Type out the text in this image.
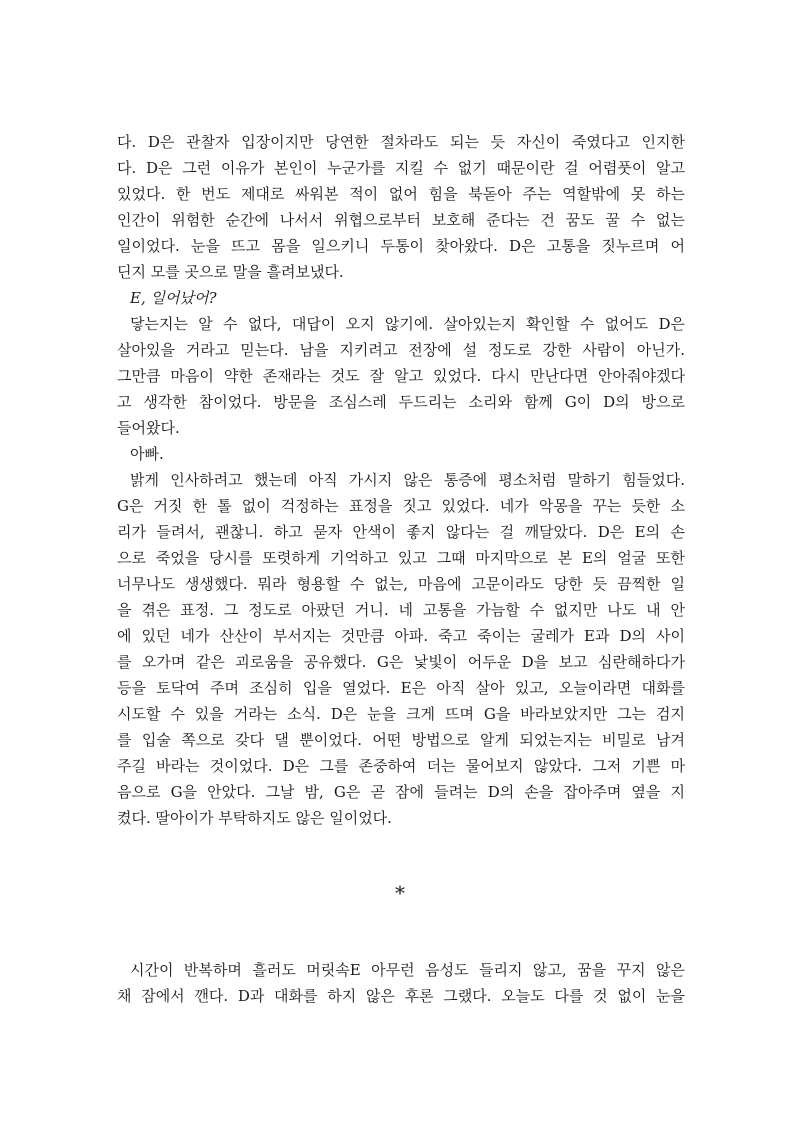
다. D은 관찰자 입장이지만 당연한 절차라도 되는 듯 자신이 죽였다고 인지한
다. D은 그런 이유가 본인이 누군가를 지킬 수 없기 때문이란 걸 어렴풋이 알고
있었다. 한 번도 제대로 싸워본 적이 없어 힘을 북돋아 주는 역할밖에 못 하는
인간이 위험한 순간에 나서서 위협으로부터 보호해 준다는 건 꿈도 꿀 수 없는
일이었다. 눈을 뜨고 몸을 일으키니 두통이 찾아왔다. D은 고통을 짓누르며 어
딘지 모를 곳으로 말을 흘려보냈다.
E, 일어났어?
닿는지는 알 수 없다, 대답이 오지 않기에. 살아있는지 확인할 수 없어도 D은
살아있을 거라고 믿는다. 남을 지키려고 전장에 설 정도로 강한 사람이 아닌가.
그만큼 마음이 약한 존재라는 것도 잘 알고 있었다. 다시 만난다면 안아줘야겠다
고 생각한 참이었다. 방문을 조심스레 두드리는 소리와 함께 G이 D의 방으로
들어왔다.
아빠.
밝게 인사하려고 했는데 아직 가시지 않은 통증에 평소처럼 말하기 힘들었다.
G은 거짓 한 톨 없이 걱정하는 표정을 짓고 있었다. 네가 악몽을 꾸는 듯한 소
리가 들려서, 괜찮니. 하고 묻자 안색이 좋지 않다는 걸 깨달았다. D은 E의 손
으로 죽었을 당시를 또렷하게 기억하고 있고 그때 마지막으로 본 E의 얼굴 또한
너무나도 생생했다. 뭐라 형용할 수 없는, 마음에 고문이라도 당한 듯 끔찍한 일
을 겪은 표정. 그 정도로 아팠던 거니. 네 고통을 가늠할 수 없지만 나도 내 안
에 있던 네가 산산이 부서지는 것만큼 아파. 죽고 죽이는 굴레가 E과 D의 사이
를 오가며 같은 괴로움을 공유했다. G은 낯빛이 어두운 D을 보고 심란해하다가
등을 토닥여 주며 조심히 입을 열었다. E은 아직 살아 있고, 오늘이라면 대화를
시도할 수 있을 거라는 소식. D은 눈을 크게 뜨며 G을 바라보았지만 그는 검지
를 입술 쪽으로 갖다 댈 뿐이었다. 어떤 방법으로 알게 되었는지는 비밀로 남겨
주길 바라는 것이었다. D은 그를 존중하여 더는 물어보지 않았다. 그저 기쁜 마
음으로 G을 안았다. 그날 밤, G은 곧 잠에 들려는 D의 손을 잡아주며 옆을 지
켰다. 딸아이가 부탁하지도 않은 일이었다.
*
시간이 반복하며 흘러도 머릿속E 아무런 음성도 들리지 않고, 꿈을 꾸지 않은
채 잠에서 깬다. D과 대화를 하지 않은 후론 그랬다. 오늘도 다를 것 없이 눈을
